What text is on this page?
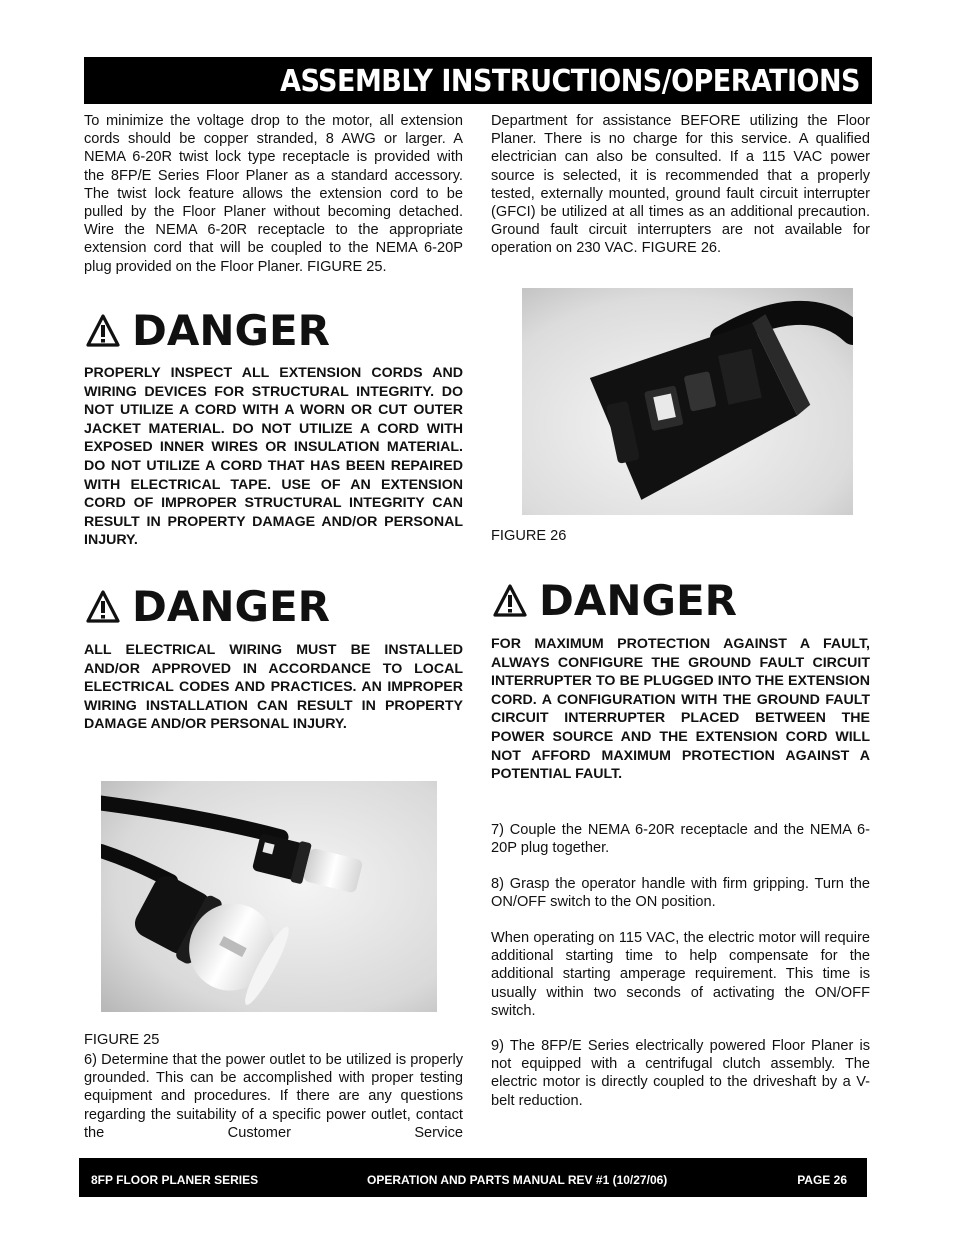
ASSEMBLY INSTRUCTIONS/OPERATIONS

To minimize the voltage drop to the motor, all extension cords should be copper stranded, 8 AWG or larger. A NEMA 6-20R twist lock type receptacle is provided with the 8FP/E Series Floor Planer as a standard accessory. The twist lock feature allows the extension cord to be pulled by the Floor Planer without becoming detached. Wire the NEMA 6-20R receptacle to the appropriate extension cord that will be coupled to the NEMA 6-20P plug provided on the Floor Planer. FIGURE 25.

DANGER

PROPERLY INSPECT ALL EXTENSION CORDS AND WIRING DEVICES FOR STRUCTURAL INTEGRITY. DO NOT UTILIZE A CORD WITH A WORN OR CUT OUTER JACKET MATERIAL. DO NOT UTILIZE A CORD WITH EXPOSED INNER WIRES OR INSULATION MATERIAL. DO NOT UTILIZE A CORD THAT HAS BEEN REPAIRED WITH ELECTRICAL TAPE. USE OF AN EXTENSION CORD OF IMPROPER STRUCTURAL INTEGRITY CAN RESULT IN PROPERTY DAMAGE AND/OR PERSONAL INJURY.

DANGER

ALL ELECTRICAL WIRING MUST BE INSTALLED AND/OR APPROVED IN ACCORDANCE TO LOCAL ELECTRICAL CODES AND PRACTICES. AN IMPROPER WIRING INSTALLATION CAN RESULT IN PROPERTY DAMAGE AND/OR PERSONAL INJURY.

FIGURE 25

6) Determine that the power outlet to be utilized is properly grounded. This can be accomplished with proper testing equipment and procedures. If there are any questions regarding the suitability of a specific power outlet, contact the Customer Service

Department for assistance BEFORE utilizing the Floor Planer. There is no charge for this service. A qualified electrician can also be consulted. If a 115 VAC power source is selected, it is recommended that a properly tested, externally mounted, ground fault circuit interrupter (GFCI) be utilized at all times as an additional precaution. Ground fault circuit interrupters are not available for operation on 230 VAC. FIGURE 26.

FIGURE 26
DANGER

FOR MAXIMUM PROTECTION AGAINST A FAULT, ALWAYS CONFIGURE THE GROUND FAULT CIRCUIT INTERRUPTER TO BE PLUGGED INTO THE EXTENSION CORD. A CONFIGURATION WITH THE GROUND FAULT CIRCUIT INTERRUPTER PLACED BETWEEN THE POWER SOURCE AND THE EXTENSION CORD WILL NOT AFFORD MAXIMUM PROTECTION AGAINST A POTENTIAL FAULT.

7) Couple the NEMA 6-20R receptacle and the NEMA 6-20P plug together.

8) Grasp the operator handle with firm gripping. Turn the ON/OFF switch to the ON position.

When operating on 115 VAC, the electric motor will require additional starting time to help compensate for the additional starting amperage requirement. This time is usually within two seconds of activating the ON/OFF switch.

9) The 8FP/E Series electrically powered Floor Planer is not equipped with a centrifugal clutch assembly. The electric motor is directly coupled to the driveshaft by a V-belt reduction.

8FP FLOOR PLANER SERIES	OPERATION AND PARTS MANUAL REV #1 (10/27/06)	PAGE 26
